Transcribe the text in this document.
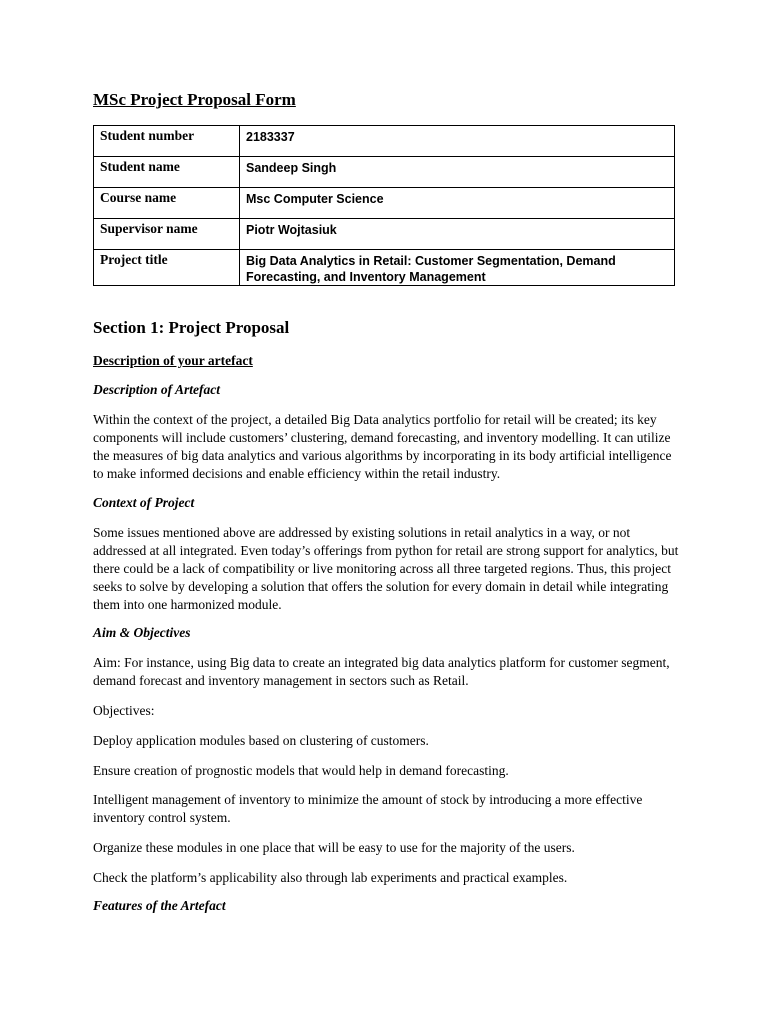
MSc Project Proposal Form
Student number	2183337
Student name	Sandeep Singh
Course name	Msc Computer Science
Supervisor name	Piotr Wojtasiuk
Project title	Big Data Analytics in Retail: Customer Segmentation, Demand Forecasting, and Inventory Management
Section 1: Project Proposal
Description of your artefact
Description of Artefact

Within the context of the project, a detailed Big Data analytics portfolio for retail will be created; its key components will include customers’ clustering, demand forecasting, and inventory modelling. It can utilize the measures of big data analytics and various algorithms by incorporating in its body artificial intelligence to make informed decisions and enable efficiency within the retail industry.

Context of Project

Some issues mentioned above are addressed by existing solutions in retail analytics in a way, or not addressed at all integrated. Even today’s offerings from python for retail are strong support for analytics, but there could be a lack of compatibility or live monitoring across all three targeted regions. Thus, this project seeks to solve by developing a solution that offers the solution for every domain in detail while integrating them into one harmonized module.

Aim & Objectives

Aim: For instance, using Big data to create an integrated big data analytics platform for customer segment, demand forecast and inventory management in sectors such as Retail.

Objectives:

Deploy application modules based on clustering of customers.

Ensure creation of prognostic models that would help in demand forecasting.

Intelligent management of inventory to minimize the amount of stock by introducing a more effective inventory control system.

Organize these modules in one place that will be easy to use for the majority of the users.

Check the platform’s applicability also through lab experiments and practical examples.

Features of the Artefact
